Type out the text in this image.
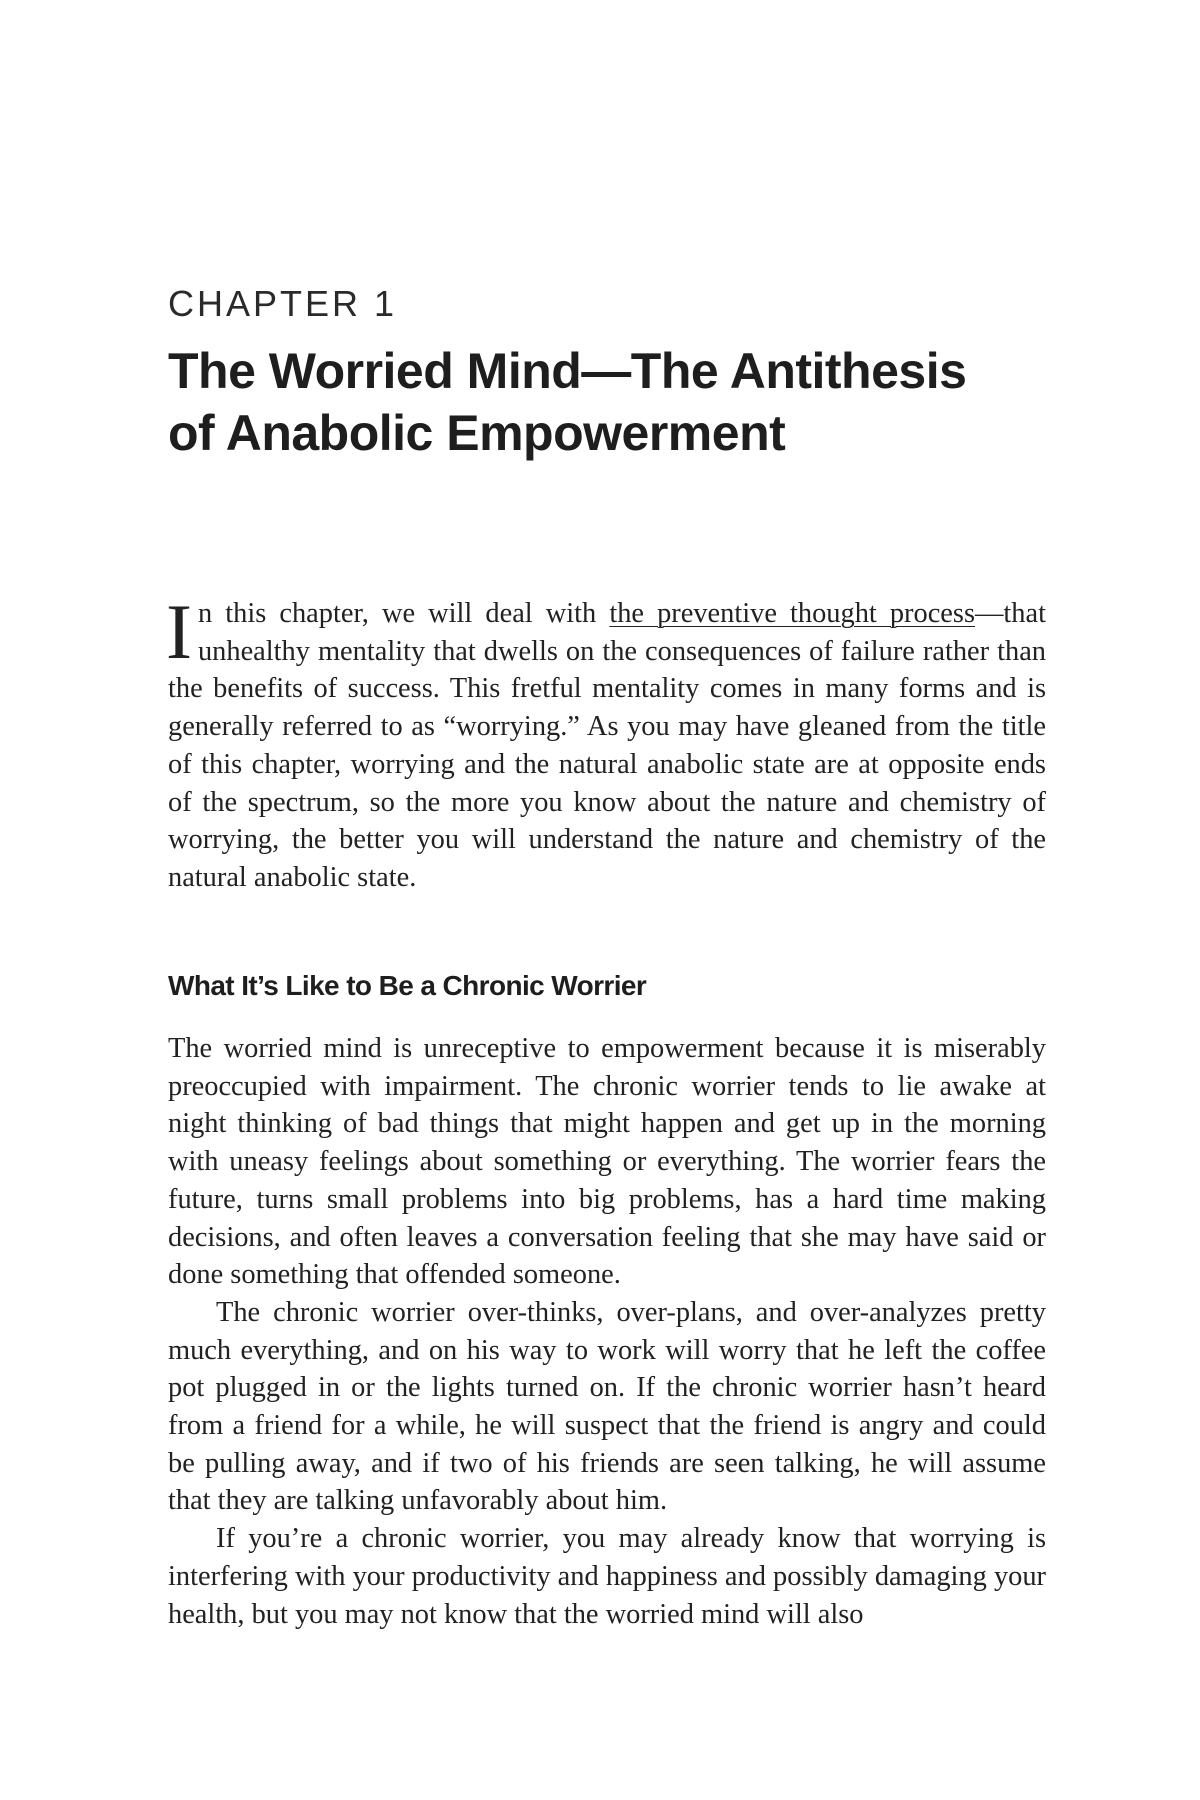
CHAPTER 1
The Worried Mind—The Antithesis
of Anabolic Empowerment

In this chapter, we will deal with the preventive thought process—that unhealthy mentality that dwells on the consequences of failure rather than the benefits of success. This fretful mentality comes in many forms and is generally referred to as “worrying.” As you may have gleaned from the title of this chapter, worrying and the natural anabolic state are at opposite ends of the spectrum, so the more you know about the nature and chemistry of worrying, the better you will understand the nature and chemistry of the natural anabolic state.

What It’s Like to Be a Chronic Worrier

The worried mind is unreceptive to empowerment because it is miserably preoccupied with impairment. The chronic worrier tends to lie awake at night thinking of bad things that might happen and get up in the morning with uneasy feelings about something or everything. The worrier fears the future, turns small problems into big problems, has a hard time making decisions, and often leaves a conversation feeling that she may have said or done something that offended someone.

The chronic worrier over-thinks, over-plans, and over-analyzes pretty much everything, and on his way to work will worry that he left the coffee pot plugged in or the lights turned on. If the chronic worrier hasn’t heard from a friend for a while, he will suspect that the friend is angry and could be pulling away, and if two of his friends are seen talking, he will assume that they are talking unfavorably about him.

If you’re a chronic worrier, you may already know that worrying is interfering with your productivity and happiness and possibly damaging your health, but you may not know that the worried mind will also
